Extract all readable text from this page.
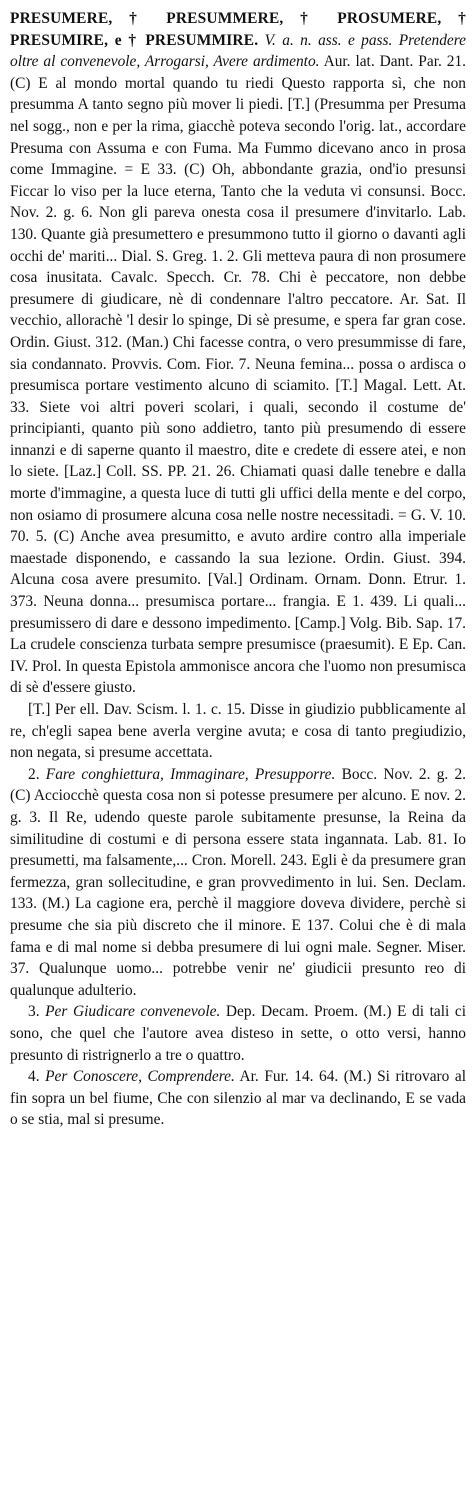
PRESUMERE, † PRESUMMERE, † PROSUMERE, † PRESUMIRE, e † PRESUMMIRE. V. a. n. ass. e pass. Pretendere oltre al convenevole, Arrogarsi, Avere ardimento. Aur. lat. Dant. Par. 21. (C) E al mondo mortal quando tu riedi Questo rapporta sì, che non presumma A tanto segno più mover li piedi. [T.] (Presumma per Presuma nel sogg., non e per la rima, giacchè poteva secondo l'orig. lat., accordare Presuma con Assuma e con Fuma. Ma Fummo dicevano anco in prosa come Immagine. = E 33. (C) Oh, abbondante grazia, ond'io presunsi Ficcar lo viso per la luce eterna, Tanto che la veduta vi consunsi. Bocc. Nov. 2. g. 6. Non gli pareva onesta cosa il presumere d'invitarlo. Lab. 130. Quante già presumettero e presummono tutto il giorno o davanti agli occhi de' mariti... Dial. S. Greg. 1. 2. Gli metteva paura di non prosumere cosa inusitata. Cavalc. Specch. Cr. 78. Chi è peccatore, non debbe presumere di giudicare, nè di condennare l'altro peccatore. Ar. Sat. Il vecchio, allorachè 'l desir lo spinge, Di sè presume, e spera far gran cose. Ordin. Giust. 312. (Man.) Chi facesse contra, o vero presummisse di fare, sia condannato. Provvis. Com. Fior. 7. Neuna femina... possa o ardisca o presumisca portare vestimento alcuno di sciamito. [T.] Magal. Lett. At. 33. Siete voi altri poveri scolari, i quali, secondo il costume de' principianti, quanto più sono addietro, tanto più presumendo di essere innanzi e di saperne quanto il maestro, dite e credete di essere atei, e non lo siete. [Laz.] Coll. SS. PP. 21. 26. Chiamati quasi dalle tenebre e dalla morte d'immagine, a questa luce di tutti gli uffici della mente e del corpo, non osiamo di prosumere alcuna cosa nelle nostre necessitadi. = G. V. 10. 70. 5. (C) Anche avea presumitto, e avuto ardire contro alla imperiale maestade disponendo, e cassando la sua lezione. Ordin. Giust. 394. Alcuna cosa avere presumito. [Val.] Ordinam. Ornam. Donn. Etrur. 1. 373. Neuna donna... presumisca portare... frangia. E 1. 439. Li quali... presumissero di dare e dessono impedimento. [Camp.] Volg. Bib. Sap. 17. La crudele conscienza turbata sempre presumisce (praesumit). E Ep. Can. IV. Prol. In questa Epistola ammonisce ancora che l'uomo non presumisca di sè d'essere giusto.

[T.] Per ell. Dav. Scism. l. 1. c. 15. Disse in giudizio pubblicamente al re, ch'egli sapea bene averla vergine avuta; e cosa di tanto pregiudizio, non negata, si presume accettata.

2. Fare conghiettura, Immaginare, Presupporre. Bocc. Nov. 2. g. 2. (C) Acciocchè questa cosa non si potesse presumere per alcuno. E nov. 2. g. 3. Il Re, udendo queste parole subitamente presunse, la Reina da similitudine di costumi e di persona essere stata ingannata. Lab. 81. Io presumetti, ma falsamente,... Cron. Morell. 243. Egli è da presumere gran fermezza, gran sollecitudine, e gran provvedimento in lui. Sen. Declam. 133. (M.) La cagione era, perchè il maggiore doveva dividere, perchè si presume che sia più discreto che il minore. E 137. Colui che è di mala fama e di mal nome si debba presumere di lui ogni male. Segner. Miser. 37. Qualunque uomo... potrebbe venir ne' giudicii presunto reo di qualunque adulterio.

3. Per Giudicare convenevole. Dep. Decam. Proem. (M.) E di tali ci sono, che quel che l'autore avea disteso in sette, o otto versi, hanno presunto di ristrignerlo a tre o quattro.

4. Per Conoscere, Comprendere. Ar. Fur. 14. 64. (M.) Si ritrovaro al fin sopra un bel fiume, Che con silenzio al mar va declinando, E se vada o se stia, mal si presume.
